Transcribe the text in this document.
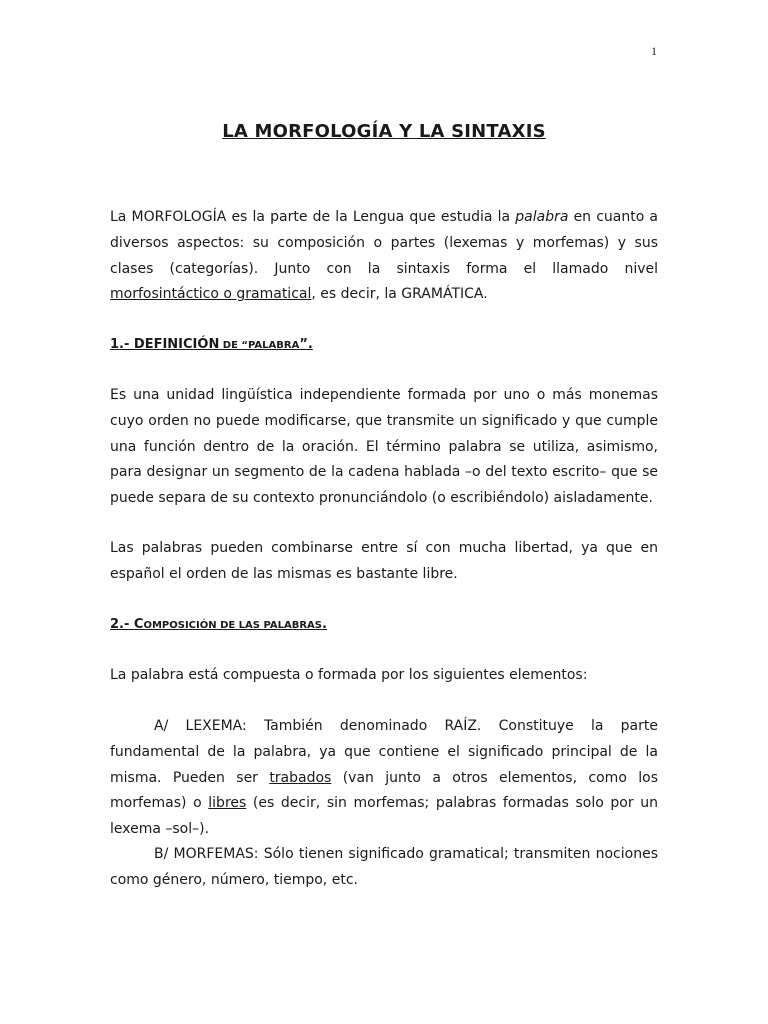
1
LA MORFOLOGÍA Y LA SINTAXIS

La MORFOLOGÍA es la parte de la Lengua que estudia la palabra en cuanto a diversos aspectos: su composición o partes (lexemas y morfemas) y sus clases (categorías). Junto con la sintaxis forma el llamado nivel morfosintáctico o gramatical, es decir, la GRAMÁTICA.

1.- DEFINICIÓN DE “PALABRA”.

Es una unidad lingüística independiente formada por uno o más monemas cuyo orden no puede modificarse, que transmite un significado y que cumple una función dentro de la oración. El término palabra se utiliza, asimismo, para designar un segmento de la cadena hablada –o del texto escrito– que se puede separa de su contexto pronunciándolo (o escribiéndolo) aisladamente.

Las palabras pueden combinarse entre sí con mucha libertad, ya que en español el orden de las mismas es bastante libre.

2.- COMPOSICIÓN DE LAS PALABRAS.

La palabra está compuesta o formada por los siguientes elementos:

A/ LEXEMA: También denominado RAÍZ. Constituye la parte fundamental de la palabra, ya que contiene el significado principal de la misma. Pueden ser trabados (van junto a otros elementos, como los morfemas) o libres (es decir, sin morfemas; palabras formadas solo por un lexema –sol–).

B/ MORFEMAS: Sólo tienen significado gramatical; transmiten nociones como género, número, tiempo, etc.
